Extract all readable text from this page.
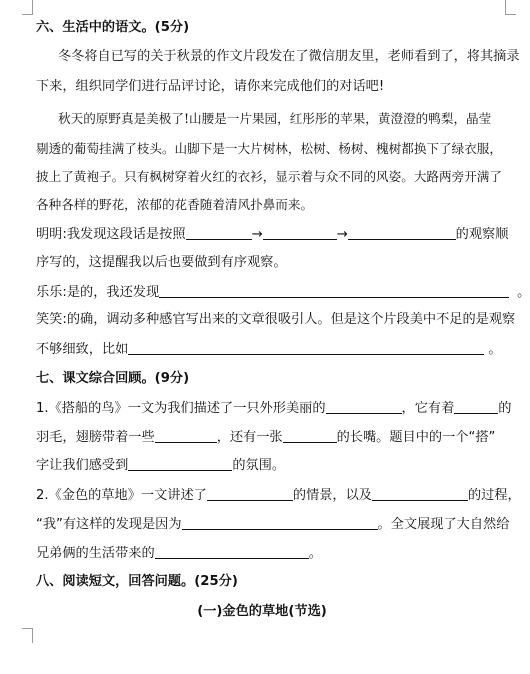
六、生活中的语文。(5分)
冬冬将自已写的关于秋景的作文片段发在了微信朋友里，老师看到了，将其摘录
下来，组织同学们进行品评讨论，请你来完成他们的对话吧!
秋天的原野真是美极了!山腰是一片果园，红彤彤的苹果，黄澄澄的鸭梨，晶莹
剔透的葡萄挂满了枝头。山脚下是一大片树林，松树、杨树、槐树都换下了绿衣服，
披上了黄袍子。只有枫树穿着火红的衣衫，显示着与众不同的风姿。大路两旁开满了
各种各样的野花，浓郁的花香随着清风扑鼻而来。
明明:我发现这段话是按照	→	→	的观察顺
序写的，这提醒我以后也要做到有序观察。
乐乐:是的，我还发现	。
笑笑:的确，调动多种感官写出来的文章很吸引人。但是这个片段美中不足的是观察
不够细致，比如	。
七、课文综合回顾。(9分)
1.《搭船的鸟》一文为我们描述了一只外形美丽的	，它有着	的
羽毛，翅膀带着一些	，还有一张	的长嘴。题目中的一个“搭”
字让我们感受到	的氛围。
2.《金色的草地》一文讲述了	的情景，以及	的过程，
“我”有这样的发现是因为	。全文展现了大自然给
兄弟俩的生活带来的	。
八、阅读短文，回答问题。(25分)
(一)金色的草地(节选)
